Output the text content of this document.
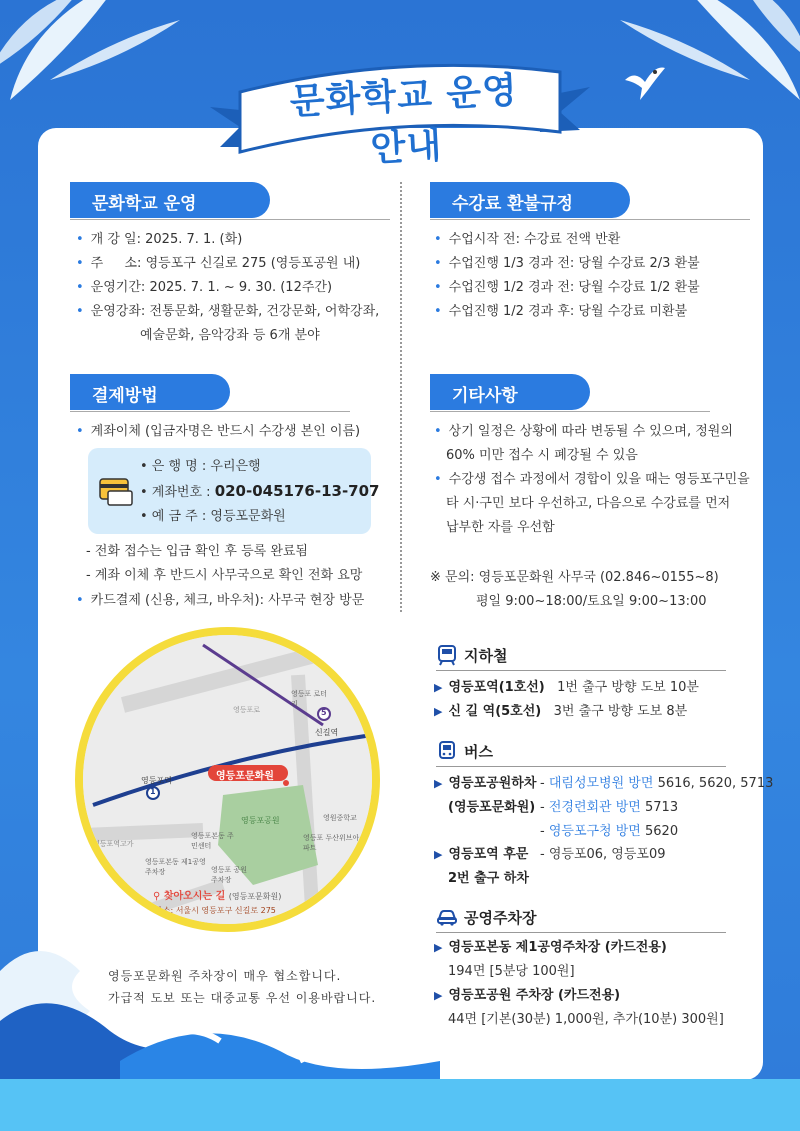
문화학교 운영 안내
문화학교 운영
• 개 강 일: 2025. 7. 1. (화)
• 주 　 소: 영등포구 신길로 275 (영등포공원 내)
• 운영기간: 2025. 7. 1. ~ 9. 30. (12주간)
• 운영강좌: 전통문화, 생활문화, 건강문화, 어학강좌,
예술문화, 음악강좌 등 6개 분야
수강료 환불규정
• 수업시작 전: 수강료 전액 반환
• 수업진행 1/3 경과 전: 당월 수강료 2/3 환불
• 수업진행 1/2 경과 전: 당월 수강료 1/2 환불
• 수업진행 1/2 경과 후: 당월 수강료 미환불
결제방법
• 계좌이체 (입금자명은 반드시 수강생 본인 이름)
• 은 행 명 : 우리은행
• 계좌번호 : 020-045176-13-707
• 예 금 주 : 영등포문화원
- 전화 접수는 입금 확인 후 등록 완료됨
- 계좌 이체 후 반드시 사무국으로 확인 전화 요망
• 카드결제 (신용, 체크, 바우처): 사무국 현장 방문
기타사항
• 상기 일정은 상황에 따라 변동될 수 있으며, 정원의
60% 미만 접수 시 폐강될 수 있음
• 수강생 접수 과정에서 경합이 있을 때는 영등포구민을
타 시·구민 보다 우선하고, 다음으로 수강료를 먼저
납부한 자를 우선함
※ 문의: 영등포문화원 사무국 (02.846~0155~8)
평일 9:00~18:00/토요일 9:00~13:00
지하철
▶ 영등포역(1호선) 1번 출구 방향 도보 10분
▶ 신 길 역(5호선) 3번 출구 방향 도보 8분
버스
▶ 영등포공원하차
(영등포문화원)
- 대림성모병원 방면 5616, 5620, 5713
- 전경련회관 방면 5713
- 영등포구청 방면 5620
▶ 영등포역 후문
2번 출구 하차
- 영등포06, 영등포09
공영주차장
▶ 영등포본동 제1공영주차장 (카드전용)
194면 [5분당 100원]
▶ 영등포공원 주차장 (카드전용)
44면 [기본(30분) 1,000원, 추가(10분) 300원]
영등포문화원
영등포공원
영등포역
1
신길역
5
영등포 로터리
영등포로
영원중학교
영등포 두산위브아파트
영등포본동 주민센터
영등포본동 제1공영주차장	영등포 공원주차장
영등포역고가
⚲ 찾아오시는 길 (영등포문화원)
주소: 서울시 영등포구 신길로 275
영등포문화원 주차장이 매우 협소합니다.
가급적 도보 또는 대중교통 우선 이용바랍니다.
